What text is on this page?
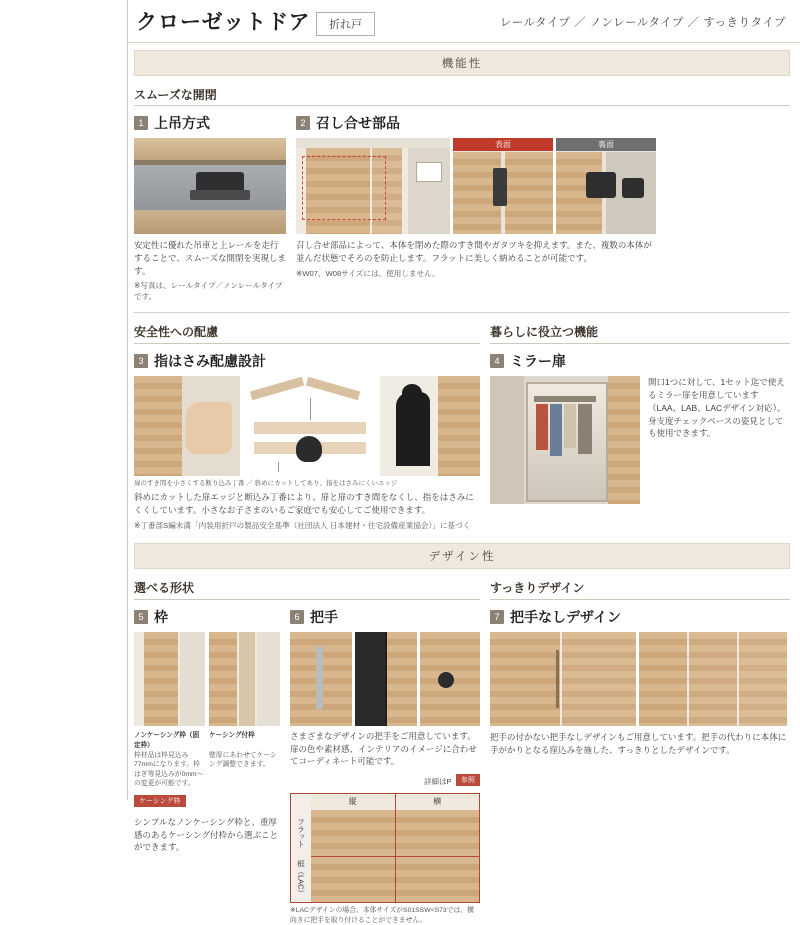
クローゼットドア	折れ戸	レールタイプ ／ ノンレールタイプ ／ すっきりタイプ
機能性
スムーズな開閉
1 上吊方式
安定性に優れた吊車と上レールを走行することで、スムーズな開閉を実現します。
※写真は、レールタイプ／ノンレールタイプです。
2 召し合せ部品
表面	裏面
召し合せ部品によって、本体を閉めた際のすき間やガタツキを抑えます。また、複数の本体が並んだ状態でそろのを防止します。フラットに美しく納めることが可能です。
※W07、W08サイズには、使用しません。
安全性への配慮	暮らしに役立つ機能
3 指はさみ配慮設計
扉のすき間を小さくする断り込み丁番 ／ 斜めにカットしてあり、指をはさみにくいエッジ
斜めにカットした扉エッジと断込み丁番により、扉と扉のすき間をなくし、指をはさみにくくしています。小さなお子さまのいるご家庭でも安心してご使用できます。
※丁番部S編未満「内装用折戸の製品安全基準（社団法人 日本建材・住宅設備産業協会）」に基づく
4 ミラー扉
開口1つに対して、1セット迄で使えるミラー扉を用意しています（LAA、LAB、LACデザイン対応）。身支度チェックベースの姿見としても使用できます。
デザイン性
選べる形状	すっきりデザイン
5 枠
ノンケーシング枠（固定枠）
ケーシング付枠
枠材品は枠見込み77mmになります。枠はぎ等見込みが0mm〜の変更が可能です。
壁厚にあわせてケーシング調整できます。
ケーシング枠
シンプルなノンケーシング枠と、重厚感のあるケーシング付枠から選ぶことができます。
6 把手
さまざまなデザインの把手をご用意しています。扉の色や素材感、インテリアのイメージに合わせてコーディネート可能です。
詳細はP 参照
フラット
框（LAC）
縦	横
※LACデザインの場合、本体サイズがS01SSW<S73では、横向きに把手を取り付けることができません。
7 把手なしデザイン
把手の付かない把手なしデザインもご用意しています。把手の代わりに本体に手がかりとなる窪込みを施した、すっきりとしたデザインです。
